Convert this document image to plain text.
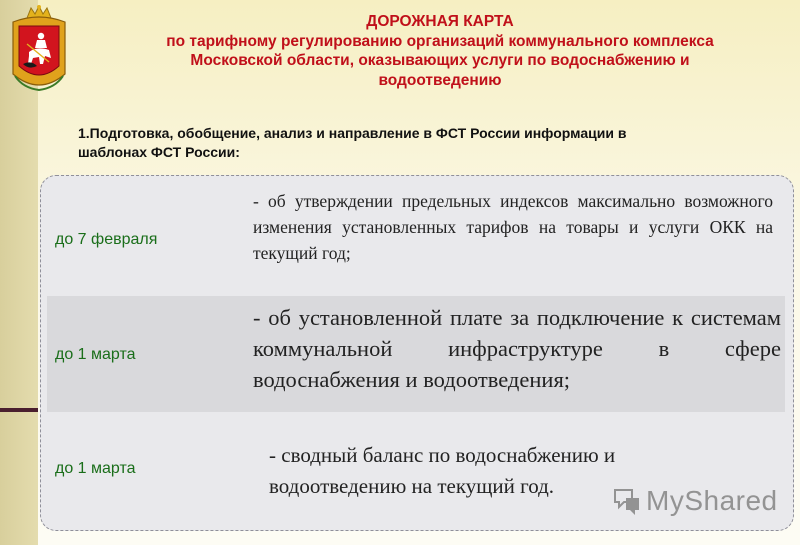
ДОРОЖНАЯ КАРТА
по тарифному регулированию организаций коммунального комплекса
Московской области, оказывающих услуги по водоснабжению и
водоотведению
1.Подготовка, обобщение, анализ и направление в ФСТ России информации в
шаблонах ФСТ России:
до 7 февраля
- об утверждении предельных индексов максимально возможного изменения установленных тарифов на товары и услуги ОКК на текущий год;
до 1 марта
- об установленной плате за подключение к системам коммунальной инфраструктуре в сфере водоснабжения и водоотведения;
до 1 марта
- сводный баланс по водоснабжению и водоотведению на текущий год.	MyShared
